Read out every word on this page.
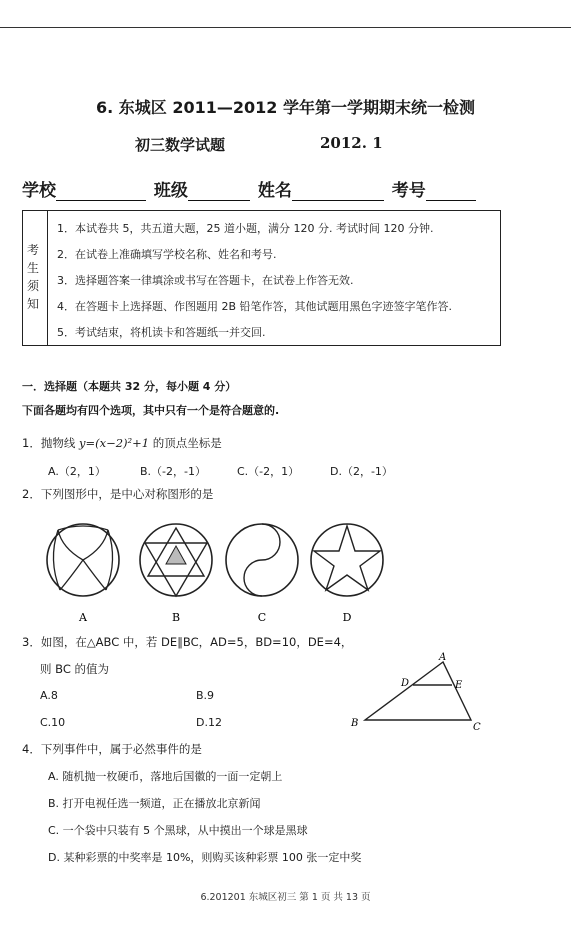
6. 东城区 2011—2012 学年第一学期期末统一检测
初三数学试题	2012. 1
学校	班级	姓名	考号
考
生
须
知
1．本试卷共 5，共五道大题，25 道小题，满分 120 分. 考试时间 120 分钟.
2．在试卷上准确填写学校名称、姓名和考号.
3．选择题答案一律填涂或书写在答题卡，在试卷上作答无效.
4．在答题卡上选择题、作图题用 2B 铅笔作答，其他试题用黑色字迹签字笔作答.
5．考试结束，将机读卡和答题纸一并交回.
一．选择题（本题共 32 分，每小题 4 分）
下面各题均有四个选项，其中只有一个是符合题意的.
1．抛物线 y=(x−2)²+1 的顶点坐标是
A.（2，1）	B.（-2，-1）	C.（-2，1）	D.（2，-1）
2．下列图形中，是中心对称图形的是
A	B	C	D
3．如图，在△ABC 中，若 DE∥BC，AD=5，BD=10，DE=4，
则 BC 的值为
A.8	B.9
C.10	D.12
A
D	E
B	C
4．下列事件中，属于必然事件的是
A. 随机抛一枚硬币，落地后国徽的一面一定朝上
B. 打开电视任选一频道，正在播放北京新闻
C. 一个袋中只装有 5 个黑球，从中摸出一个球是黑球
D. 某种彩票的中奖率是 10%，则购买该种彩票 100 张一定中奖
6.201201 东城区初三 第 1 页 共 13 页
